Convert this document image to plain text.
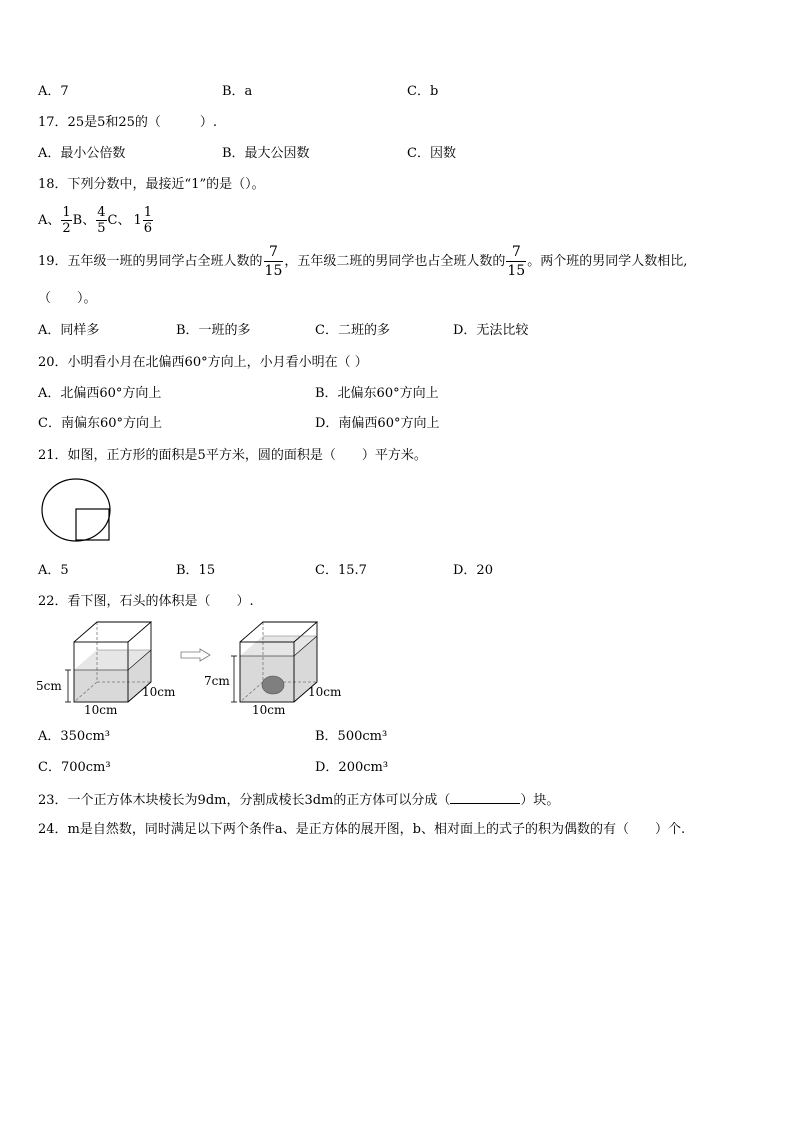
A．7	B．a	C．b
17．25是5和25的（　　　）.
A．最小公倍数	B．最大公因数	C．因数
18．下列分数中，最接近“1”的是（）。
A、 $\frac{1}{2}$ B、 $\frac{4}{5}$ C、 $1 \frac{1}{6}$
19．五年级一班的男同学占全班人数的 $\frac{7}{15}$ ，五年级二班的男同学也占全班人数的 $\frac{7}{15}$ 。两个班的男同学人数相比,
（　　）。
A．同样多	B．一班的多	C．二班的多	D．无法比较
20．小明看小月在北偏西60°方向上，小月看小明在（ ）
A．北偏西60°方向上	B．北偏东60°方向上
C．南偏东60°方向上	D．南偏西60°方向上
21．如图，正方形的面积是5平方米，圆的面积是（　　）平方米。
A．5	B．15	C．15.7	D．20
22．看下图，石头的体积是（　　）.
5cm	10cm
10cm
7cm
10cm
10cm
A．350cm³	B．500cm³
C．700cm³	D．200cm³
23．一个正方体木块棱长为9dm，分割成棱长3dm的正方体可以分成（	）块。
24．m是自然数，同时满足以下两个条件a、是正方体的展开图，b、相对面上的式子的积为偶数的有（　　）个.
